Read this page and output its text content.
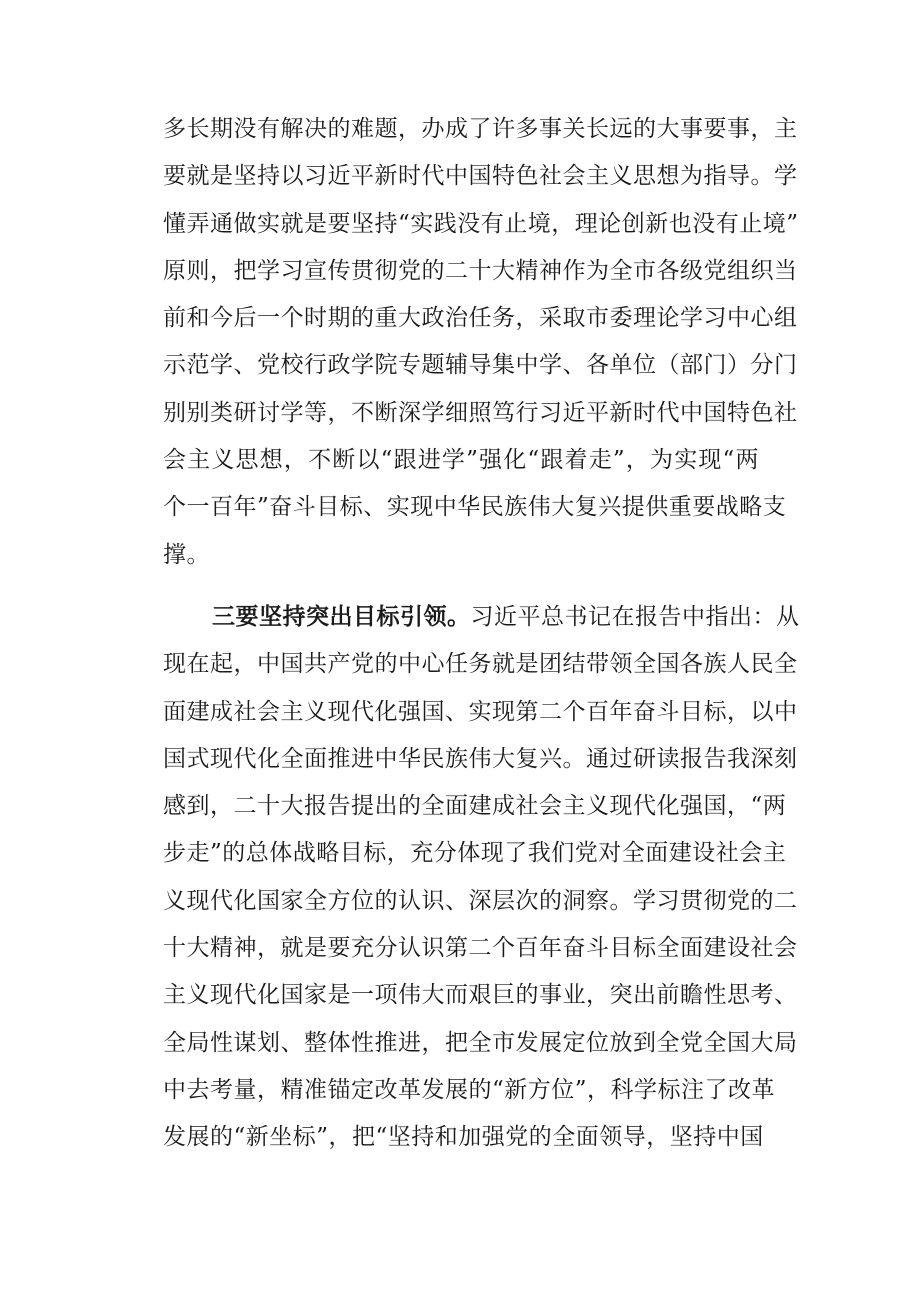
多长期没有解决的难题，办成了许多事关长远的大事要事，主
要就是坚持以习近平新时代中国特色社会主义思想为指导。学
懂弄通做实就是要坚持“实践没有止境，理论创新也没有止境”
原则，把学习宣传贯彻党的二十大精神作为全市各级党组织当
前和今后一个时期的重大政治任务，采取市委理论学习中心组
示范学、党校行政学院专题辅导集中学、各单位（部门）分门
别别类研讨学等，不断深学细照笃行习近平新时代中国特色社
会主义思想，不断以“跟进学”强化“跟着走”，为实现“两
个一百年”奋斗目标、实现中华民族伟大复兴提供重要战略支
撑。
三要坚持突出目标引领。习近平总书记在报告中指出：从
现在起，中国共产党的中心任务就是团结带领全国各族人民全
面建成社会主义现代化强国、实现第二个百年奋斗目标，以中
国式现代化全面推进中华民族伟大复兴。通过研读报告我深刻
感到，二十大报告提出的全面建成社会主义现代化强国，“两
步走”的总体战略目标，充分体现了我们党对全面建设社会主
义现代化国家全方位的认识、深层次的洞察。学习贯彻党的二
十大精神，就是要充分认识第二个百年奋斗目标全面建设社会
主义现代化国家是一项伟大而艰巨的事业，突出前瞻性思考、
全局性谋划、整体性推进，把全市发展定位放到全党全国大局
中去考量，精准锚定改革发展的“新方位”，科学标注了改革
发展的“新坐标”，把“坚持和加强党的全面领导，坚持中国
